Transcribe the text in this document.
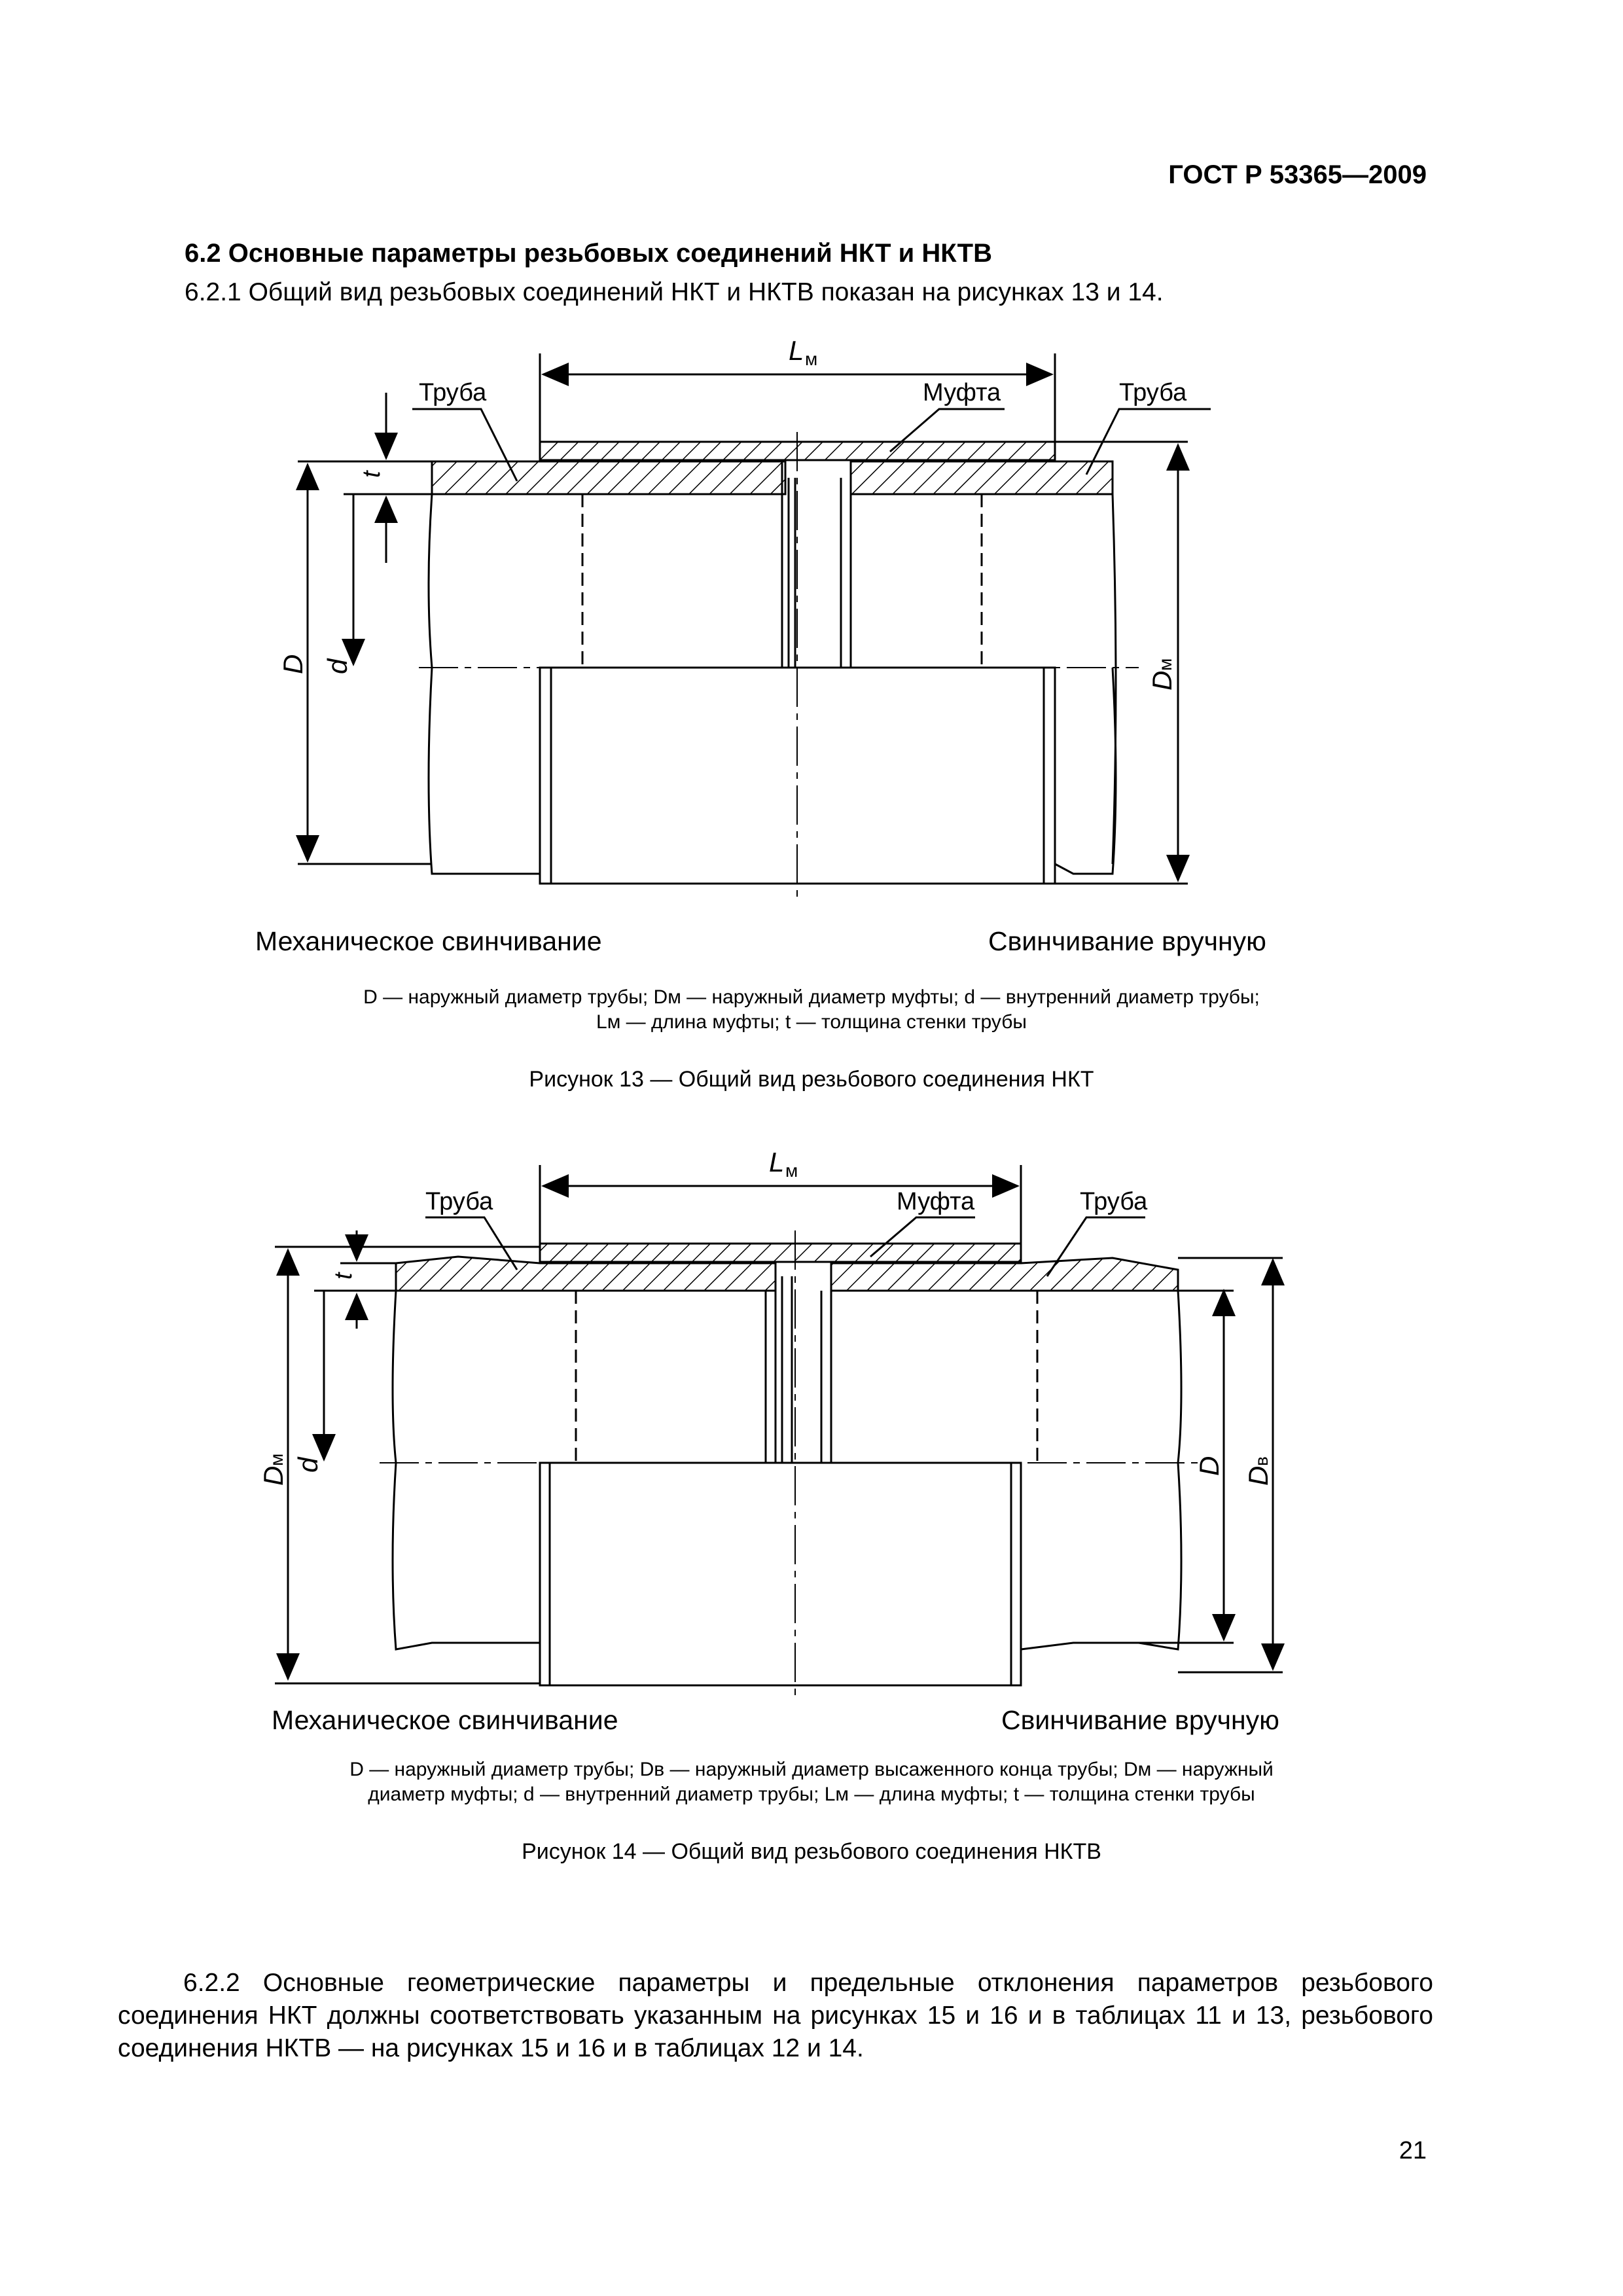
ГОСТ Р 53365—2009
6.2 Основные параметры резьбовых соединений НКТ и НКТВ
6.2.1 Общий вид резьбовых соединений НКТ и НКТВ показан на рисунках 13 и 14.
Труба	Муфта	Труба
L м
t
D d
D
м
Механическое свинчивание	Свинчивание вручную
D — наружный диаметр трубы; Dм — наружный диаметр муфты; d — внутренний диаметр трубы;
Lм — длина муфты; t — толщина стенки трубы
Рисунок 13 — Общий вид резьбового соединения НКТ
Труба	Муфта	Труба
L м
t
D
м d	D D
в
Механическое свинчивание	Свинчивание вручную
D — наружный диаметр трубы; Dв — наружный диаметр высаженного конца трубы; Dм — наружный
диаметр муфты; d — внутренний диаметр трубы; Lм — длина муфты; t — толщина стенки трубы
Рисунок 14 — Общий вид резьбового соединения НКТВ
6.2.2 Основные геометрические параметры и предельные отклонения параметров резьбового соединения НКТ должны соответствовать указанным на рисунках 15 и 16 и в таблицах 11 и 13, резьбового соединения НКТВ — на рисунках 15 и 16 и в таблицах 12 и 14.
21
